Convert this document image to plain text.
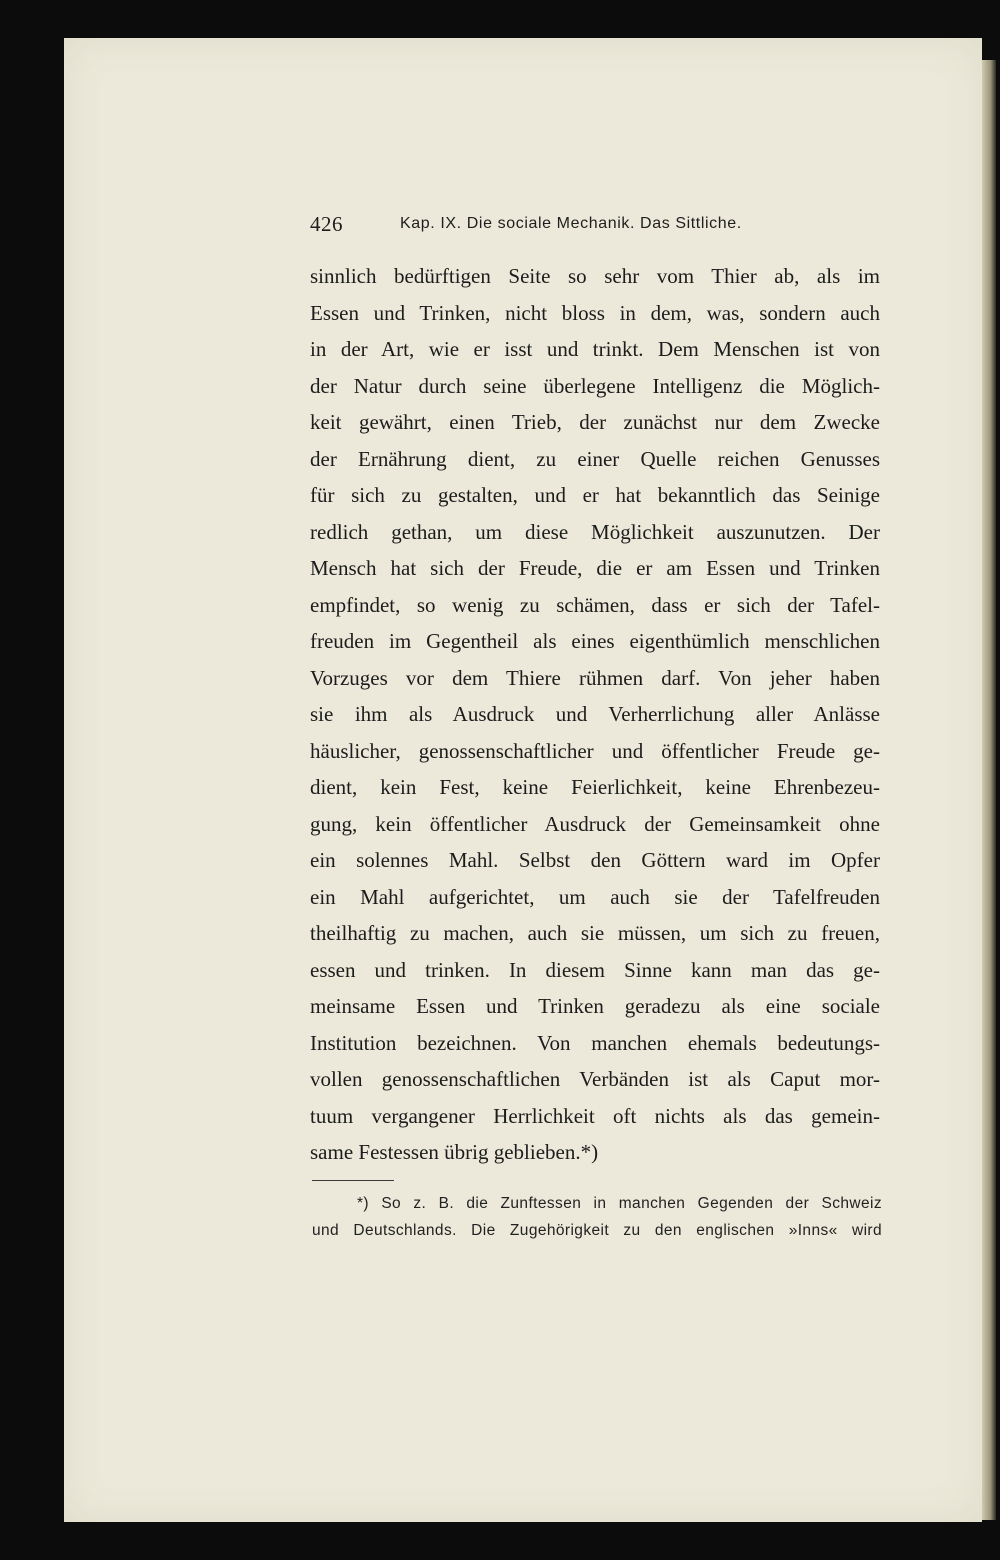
426	Kap. IX. Die sociale Mechanik. Das Sittliche.
sinnlich bedürftigen Seite so sehr vom Thier ab, als im
Essen und Trinken, nicht bloss in dem, was, sondern auch
in der Art, wie er isst und trinkt. Dem Menschen ist von
der Natur durch seine überlegene Intelligenz die Möglich-
keit gewährt, einen Trieb, der zunächst nur dem Zwecke
der Ernährung dient, zu einer Quelle reichen Genusses
für sich zu gestalten, und er hat bekanntlich das Seinige
redlich gethan, um diese Möglichkeit auszunutzen. Der
Mensch hat sich der Freude, die er am Essen und Trinken
empfindet, so wenig zu schämen, dass er sich der Tafel-
freuden im Gegentheil als eines eigenthümlich menschlichen
Vorzuges vor dem Thiere rühmen darf. Von jeher haben
sie ihm als Ausdruck und Verherrlichung aller Anlässe
häuslicher, genossenschaftlicher und öffentlicher Freude ge-
dient, kein Fest, keine Feierlichkeit, keine Ehrenbezeu-
gung, kein öffentlicher Ausdruck der Gemeinsamkeit ohne
ein solennes Mahl. Selbst den Göttern ward im Opfer
ein Mahl aufgerichtet, um auch sie der Tafelfreuden
theilhaftig zu machen, auch sie müssen, um sich zu freuen,
essen und trinken. In diesem Sinne kann man das ge-
meinsame Essen und Trinken geradezu als eine sociale
Institution bezeichnen. Von manchen ehemals bedeutungs-
vollen genossenschaftlichen Verbänden ist als Caput mor-
tuum vergangener Herrlichkeit oft nichts als das gemein-
same Festessen übrig geblieben.*)
*) So z. B. die Zunftessen in manchen Gegenden der Schweiz
und Deutschlands. Die Zugehörigkeit zu den englischen »Inns« wird
